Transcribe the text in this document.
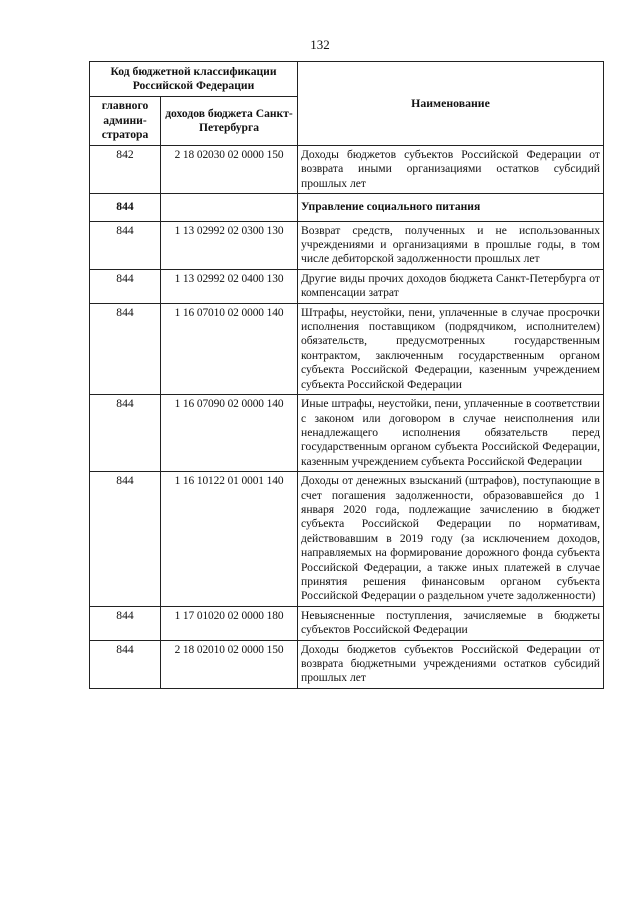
132
Код бюджетной классификации Российской Федерации		Наименование
главного админи-стратора	доходов бюджета Санкт-Петербурга	
842	2 18 02030 02 0000 150	Доходы бюджетов субъектов Российской Федерации от возврата иными организациями остатков субсидий прошлых лет
844		Управление социального питания
844	1 13 02992 02 0300 130	Возврат средств, полученных и не использованных учреждениями и организациями в прошлые годы, в том числе дебиторской задолженности прошлых лет
844	1 13 02992 02 0400 130	Другие виды прочих доходов бюджета Санкт-Петербурга от компенсации затрат
844	1 16 07010 02 0000 140	Штрафы, неустойки, пени, уплаченные в случае просрочки исполнения поставщиком (подрядчиком, исполнителем) обязательств, предусмотренных государственным контрактом, заключенным государственным органом субъекта Российской Федерации, казенным учреждением субъекта Российской Федерации
844	1 16 07090 02 0000 140	Иные штрафы, неустойки, пени, уплаченные в соответствии с законом или договором в случае неисполнения или ненадлежащего исполнения обязательств перед государственным органом субъекта Российской Федерации, казенным учреждением субъекта Российской Федерации
844	1 16 10122 01 0001 140	Доходы от денежных взысканий (штрафов), поступающие в счет погашения задолженности, образовавшейся до 1 января 2020 года, подлежащие зачислению в бюджет субъекта Российской Федерации по нормативам, действовавшим в 2019 году (за исключением доходов, направляемых на формирование дорожного фонда субъекта Российской Федерации, а также иных платежей в случае принятия решения финансовым органом субъекта Российской Федерации о раздельном учете задолженности)
844	1 17 01020 02 0000 180	Невыясненные поступления, зачисляемые в бюджеты субъектов Российской Федерации
844	2 18 02010 02 0000 150	Доходы бюджетов субъектов Российской Федерации от возврата бюджетными учреждениями остатков субсидий прошлых лет
